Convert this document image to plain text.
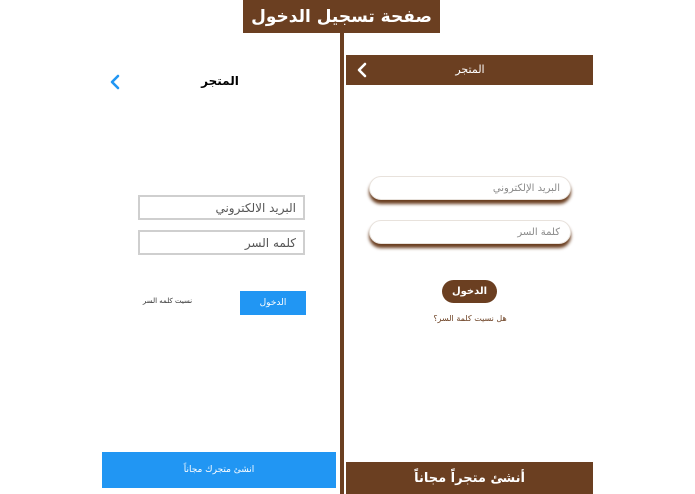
صفحة تسجيل الدخول
المتجر
البريد الالكتروني
كلمه السر
نسيت كلمه السر	الدخول
انشئ متجرك مجاناً
المتجر
البريد الإلكتروني
كلمة السر
الدخول
هل نسيت كلمة السر؟
أنشئ متجراً مجاناً
